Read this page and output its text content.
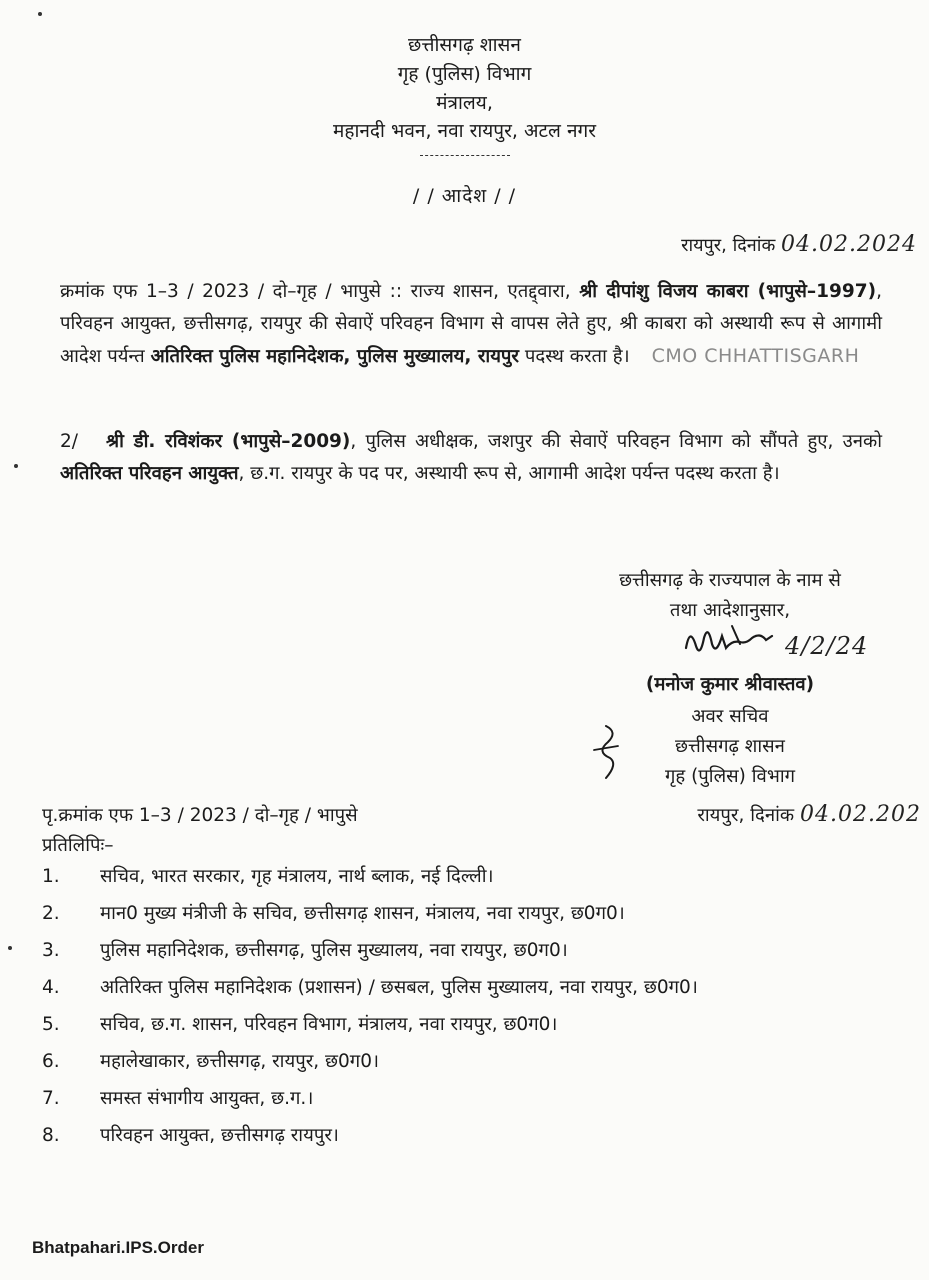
छत्तीसगढ़ शासन
गृह (पुलिस) विभाग
मंत्रालय,
महानदी भवन, नवा रायपुर, अटल नगर
/ / आदेश / /
रायपुर, दिनांक 04.02.2024
क्रमांक एफ 1–3 / 2023 / दो–गृह / भापुसे :: राज्य शासन, एतद्द्वारा, श्री दीपांशु विजय काबरा (भापुसे–1997), परिवहन आयुक्त, छत्तीसगढ़, रायपुर की सेवाऐं परिवहन विभाग से वापस लेते हुए, श्री काबरा को अस्थायी रूप से आगामी आदेश पर्यन्त अतिरिक्त पुलिस महानिदेशक, पुलिस मुख्यालय, रायपुर पदस्थ करता है। CMO CHHATTISGARH
2/ श्री डी. रविशंकर (भापुसे–2009), पुलिस अधीक्षक, जशपुर की सेवाऐं परिवहन विभाग को सौंपते हुए, उनको अतिरिक्त परिवहन आयुक्त, छ.ग. रायपुर के पद पर, अस्थायी रूप से, आगामी आदेश पर्यन्त पदस्थ करता है।
छत्तीसगढ़ के राज्यपाल के नाम से
तथा आदेशानुसार,
4/2/24
(मनोज कुमार श्रीवास्तव)
अवर सचिव
छत्तीसगढ़ शासन
गृह (पुलिस) विभाग
पृ.क्रमांक एफ 1–3 / 2023 / दो–गृह / भापुसे	रायपुर, दिनांक 04.02.202
प्रतिलिपिः–
1.	सचिव, भारत सरकार, गृह मंत्रालय, नार्थ ब्लाक, नई दिल्ली।
2.	मान0 मुख्य मंत्रीजी के सचिव, छत्तीसगढ़ शासन, मंत्रालय, नवा रायपुर, छ0ग0।
3.	पुलिस महानिदेशक, छत्तीसगढ़, पुलिस मुख्यालय, नवा रायपुर, छ0ग0।
4.	अतिरिक्त पुलिस महानिदेशक (प्रशासन) / छसबल, पुलिस मुख्यालय, नवा रायपुर, छ0ग0।
5.	सचिव, छ.ग. शासन, परिवहन विभाग, मंत्रालय, नवा रायपुर, छ0ग0।
6.	महालेखाकार, छत्तीसगढ़, रायपुर, छ0ग0।
7.	समस्त संभागीय आयुक्त, छ.ग.।
8.	परिवहन आयुक्त, छत्तीसगढ़ रायपुर।
Bhatpahari.IPS.Order
